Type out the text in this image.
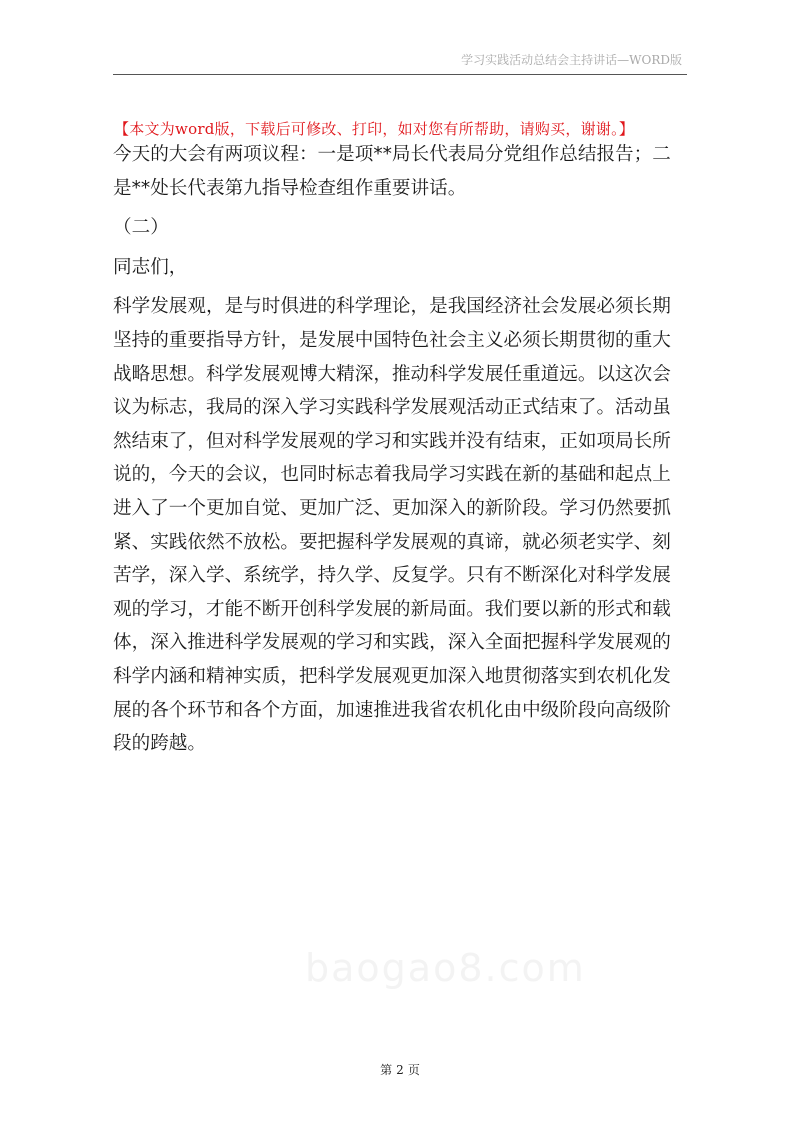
学习实践活动总结会主持讲话—WORD版
【本文为word版，下载后可修改、打印，如对您有所帮助，请购买，谢谢。】
今天的大会有两项议程：一是项**局长代表局分党组作总结报告；二
是**处长代表第九指导检查组作重要讲话。
（二）
同志们，
科学发展观，是与时俱进的科学理论，是我国经济社会发展必须长期
坚持的重要指导方针，是发展中国特色社会主义必须长期贯彻的重大
战略思想。科学发展观博大精深，推动科学发展任重道远。以这次会
议为标志，我局的深入学习实践科学发展观活动正式结束了。活动虽
然结束了，但对科学发展观的学习和实践并没有结束，正如项局长所
说的，今天的会议，也同时标志着我局学习实践在新的基础和起点上
进入了一个更加自觉、更加广泛、更加深入的新阶段。学习仍然要抓
紧、实践依然不放松。要把握科学发展观的真谛，就必须老实学、刻
苦学，深入学、系统学，持久学、反复学。只有不断深化对科学发展
观的学习，才能不断开创科学发展的新局面。我们要以新的形式和载
体，深入推进科学发展观的学习和实践，深入全面把握科学发展观的
科学内涵和精神实质，把科学发展观更加深入地贯彻落实到农机化发
展的各个环节和各个方面，加速推进我省农机化由中级阶段向高级阶
段的跨越。
baogao8.com
第 2 页
